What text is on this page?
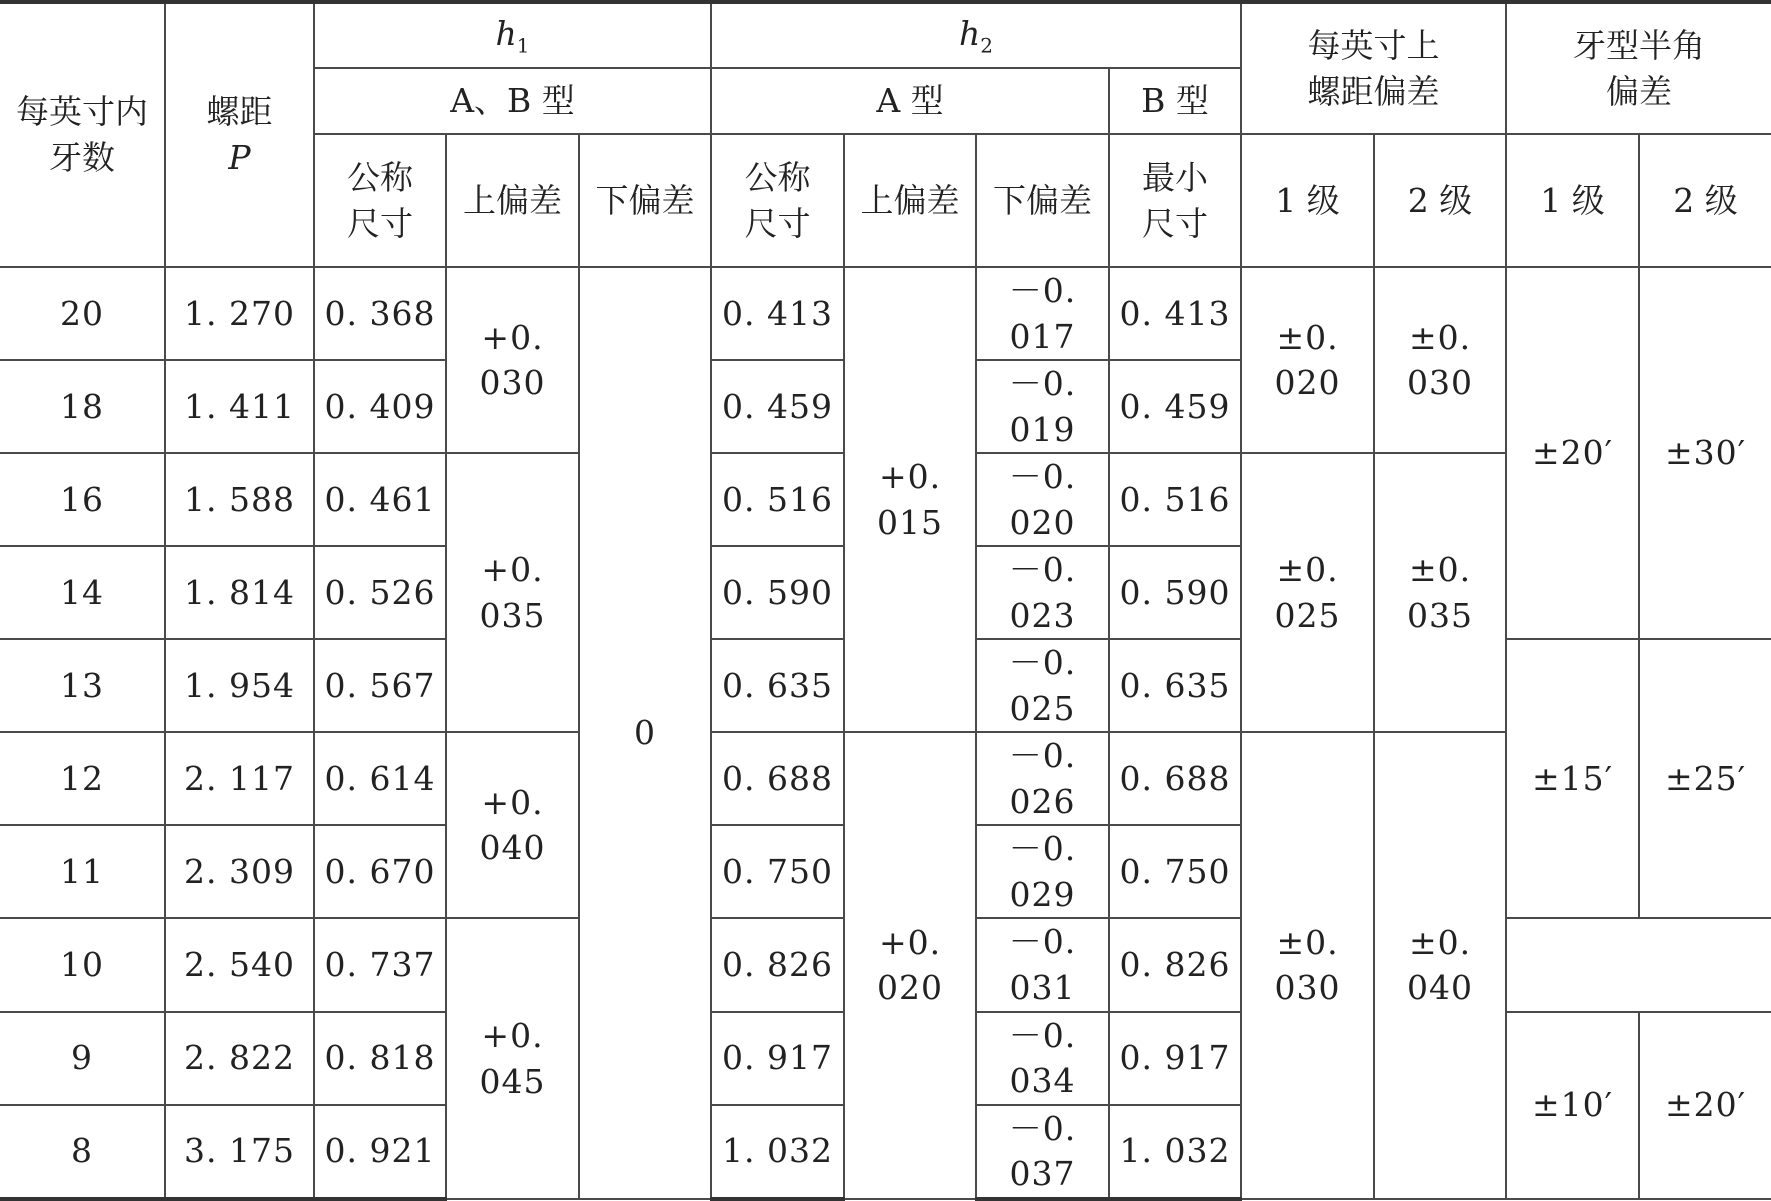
每英寸内牙数	螺距
P	$h_1$			$h_2$				每英寸上螺距偏差		牙型半角偏差	
		A、B 型			A 型			B 型				
		公称尺寸	上偏差	下偏差	公称尺寸	上偏差	下偏差	最小尺寸	1 级	2 级	1 级	2 级
20	1. 270	0. 368	+0. 030	0	0. 413	+0. 015	－0. 017	0. 413	±0. 020	±0. 030	±20′	±30′
18	1. 411	0. 409			0. 459		－0. 019	0. 459				
16	1. 588	0. 461	+0. 035		0. 516		－0. 020	0. 516	±0. 025	±0. 035		
14	1. 814	0. 526			0. 590		－0. 023	0. 590				
13	1. 954	0. 567			0. 635		－0. 025	0. 635			±15′	±25′
12	2. 117	0. 614	+0. 040		0. 688	+0. 020	－0. 026	0. 688	±0. 030	±0. 040		
11	2. 309	0. 670			0. 750		－0. 029	0. 750				
10	2. 540	0. 737	+0. 045		0. 826		－0. 031	0. 826				
9	2. 822	0. 818			0. 917		－0. 034	0. 917			±10′	±20′
8	3. 175	0. 921			1. 032		－0. 037	1. 032				
